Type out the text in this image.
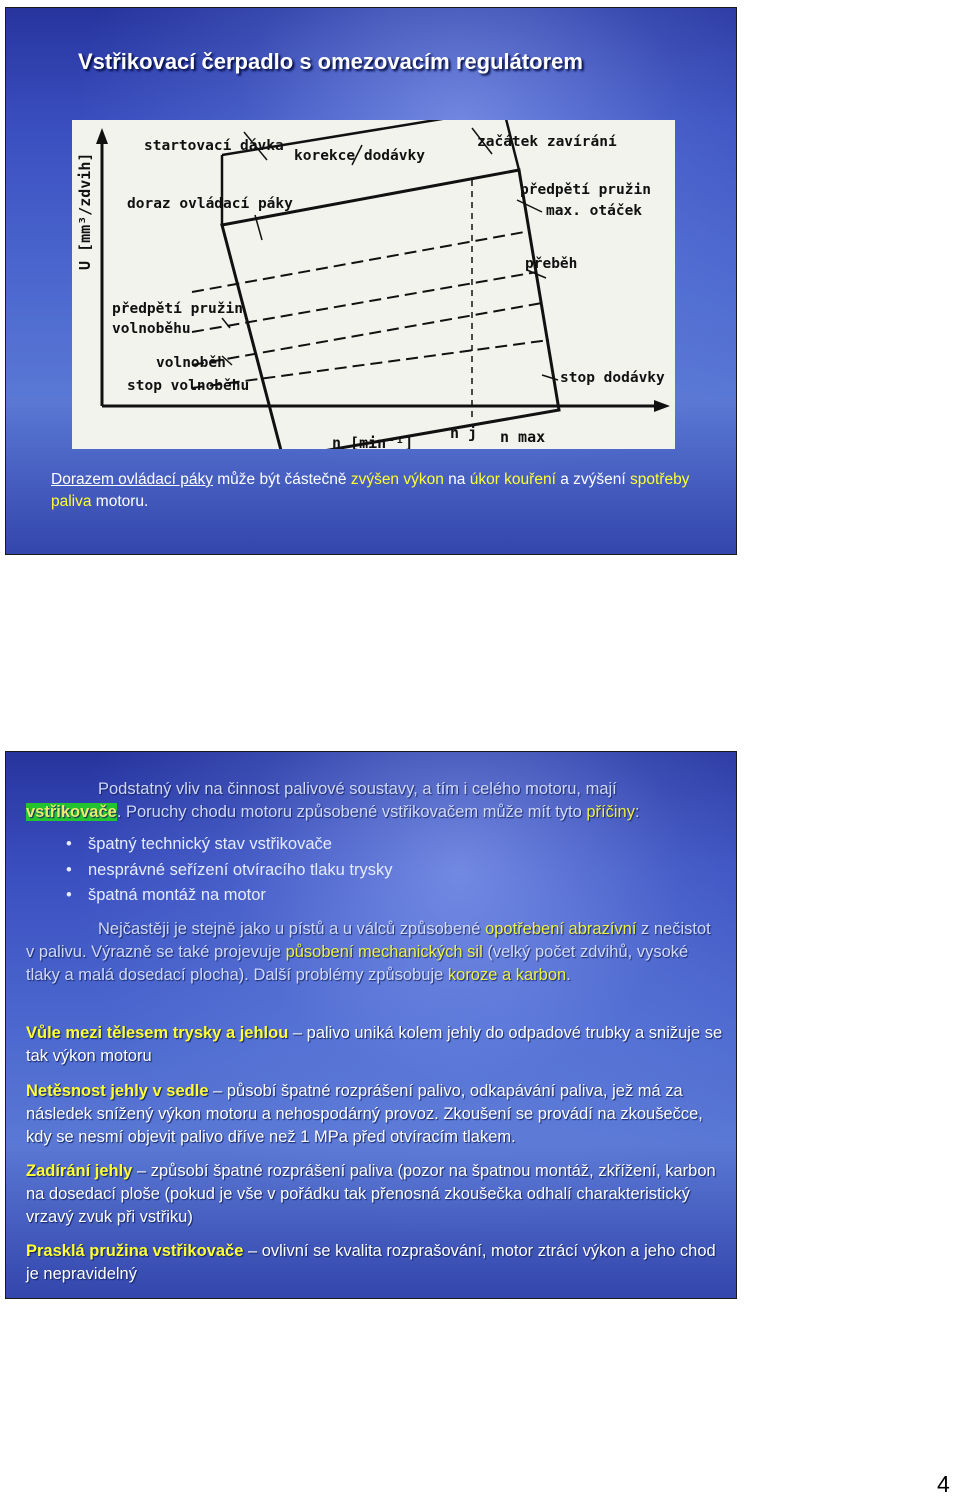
Vstřikovací čerpadlo s omezovacím regulátorem
U [mm³/zdvih]
n [min⁻¹]
n j n max
startovací dávka
korekce dodávky
začátek zavírání
předpětí pružin
max. otáček
doraz ovládací páky
přeběh
předpětí pružin
volnoběhu
volnoběh
stop volnoběhu	stop dodávky

Dorazem ovládací páky může být částečně zvýšen výkon na úkor kouření a zvýšení spotřeby paliva motoru.

Podstatný vliv na činnost palivové soustavy, a tím i celého motoru, mají vstřikovače. Poruchy chodu motoru způsobené vstřikovačem může mít tyto příčiny:

• špatný technický stav vstřikovače
• nesprávné seřízení otvíracího tlaku trysky
• špatná montáž na motor

Nejčastěji je stejně jako u pístů a u válců způsobené opotřebení abrazívní z nečistot v palivu. Výrazně se také projevuje působení mechanických sil (velký počet zdvihů, vysoké tlaky a malá dosedací plocha). Další problémy způsobuje koroze a karbon.

Vůle mezi tělesem trysky a jehlou – palivo uniká kolem jehly do odpadové trubky a snižuje se tak výkon motoru

Netěsnost jehly v sedle – působí špatné rozprášení palivo, odkapávání paliva, jež má za následek snížený výkon motoru a nehospodárný provoz. Zkoušení se provádí na zkoušečce, kdy se nesmí objevit palivo dříve než 1 MPa před otvíracím tlakem.

Zadírání jehly – způsobí špatné rozprášení paliva (pozor na špatnou montáž, zkřížení, karbon na dosedací ploše (pokud je vše v pořádku tak přenosná zkoušečka odhalí charakteristický vrzavý zvuk při vstřiku)

Prasklá pružina vstřikovače – ovlivní se kvalita rozprašování, motor ztrácí výkon a jeho chod je nepravidelný

4
